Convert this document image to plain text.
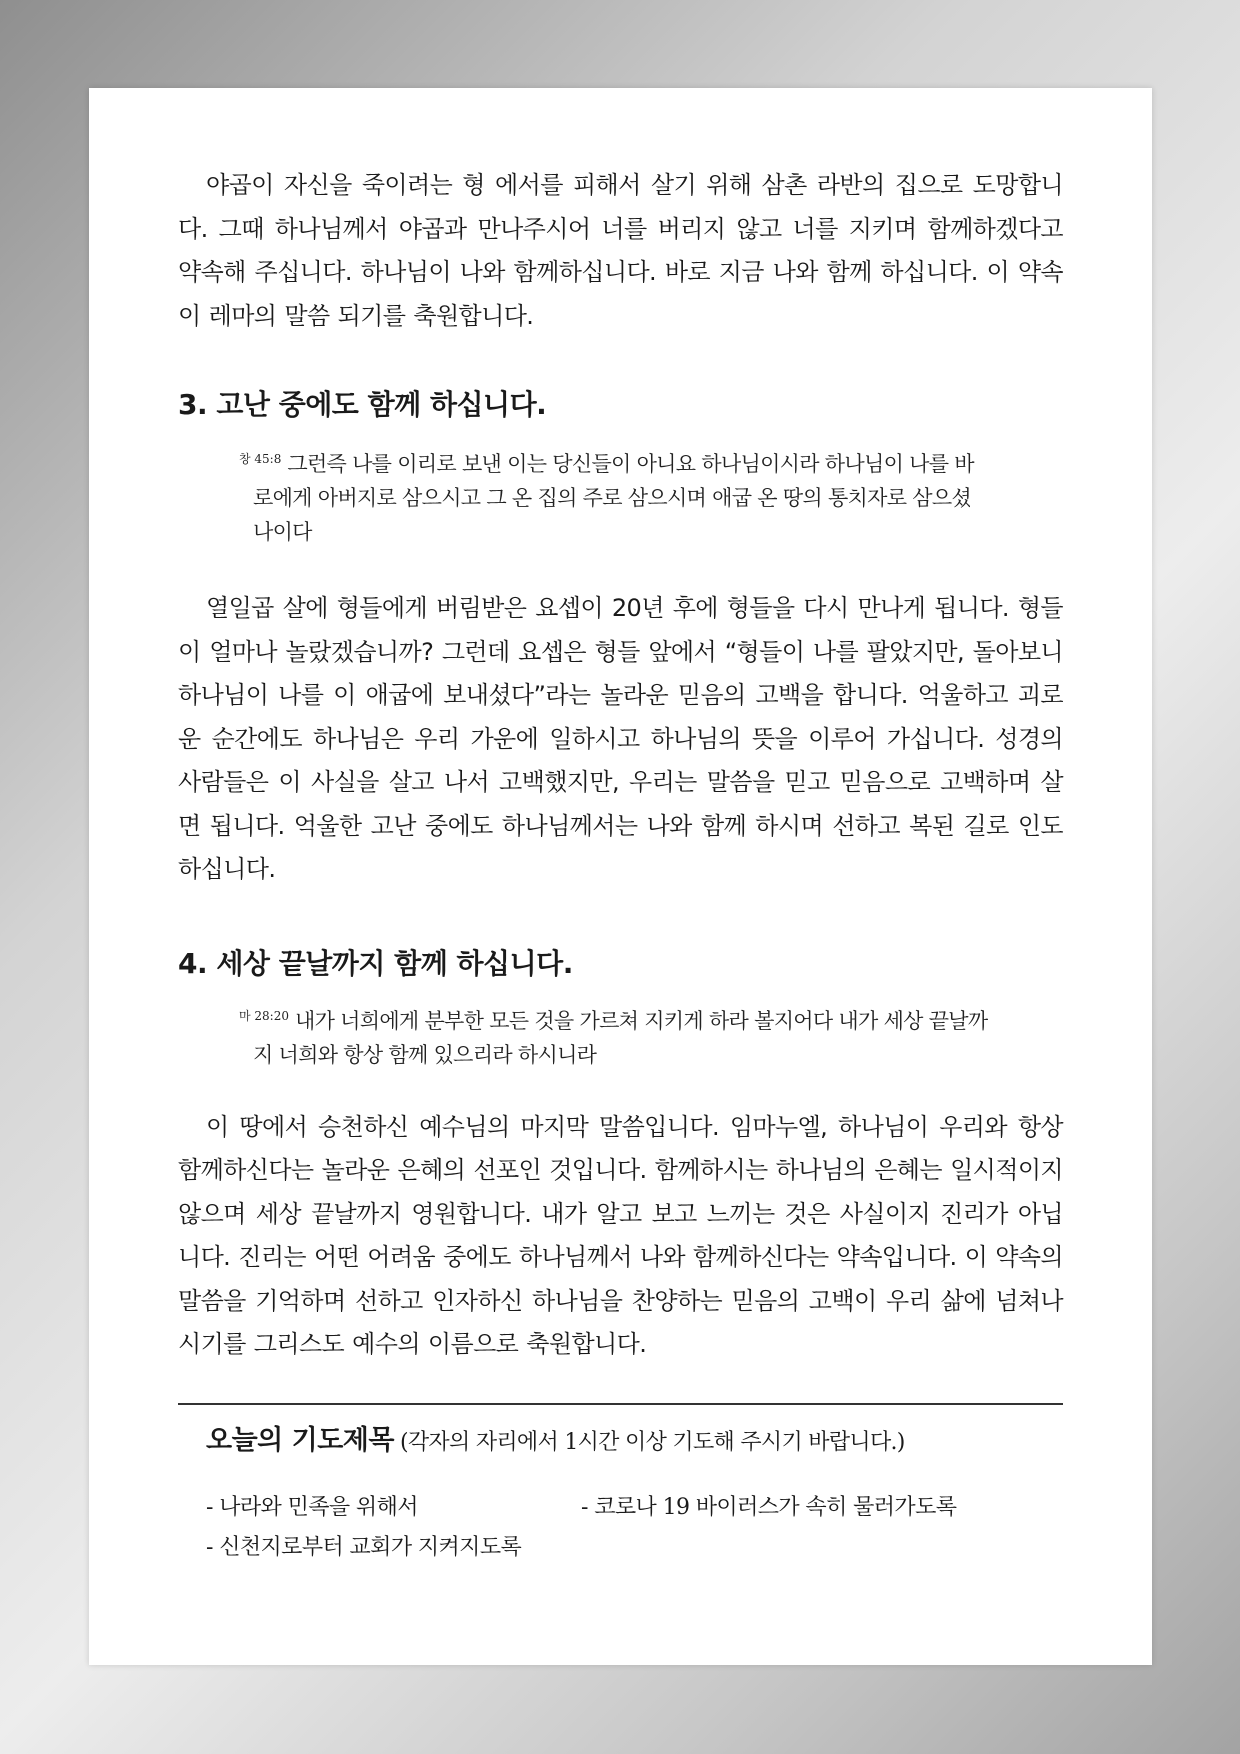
야곱이 자신을 죽이려는 형 에서를 피해서 살기 위해 삼촌 라반의 집으로 도망합니다. 그때 하나님께서 야곱과 만나주시어 너를 버리지 않고 너를 지키며 함께하겠다고 약속해 주십니다. 하나님이 나와 함께하십니다. 바로 지금 나와 함께 하십니다. 이 약속이 레마의 말씀 되기를 축원합니다.

3. 고난 중에도 함께 하십니다.

$^{창 45:8}$ 그런즉 나를 이리로 보낸 이는 당신들이 아니요 하나님이시라 하나님이 나를 바로에게 아버지로 삼으시고 그 온 집의 주로 삼으시며 애굽 온 땅의 통치자로 삼으셨나이다

열일곱 살에 형들에게 버림받은 요셉이 20년 후에 형들을 다시 만나게 됩니다. 형들이 얼마나 놀랐겠습니까? 그런데 요셉은 형들 앞에서 “형들이 나를 팔았지만, 돌아보니 하나님이 나를 이 애굽에 보내셨다”라는 놀라운 믿음의 고백을 합니다. 억울하고 괴로운 순간에도 하나님은 우리 가운에 일하시고 하나님의 뜻을 이루어 가십니다. 성경의 사람들은 이 사실을 살고 나서 고백했지만, 우리는 말씀을 믿고 믿음으로 고백하며 살면 됩니다. 억울한 고난 중에도 하나님께서는 나와 함께 하시며 선하고 복된 길로 인도하십니다.

4. 세상 끝날까지 함께 하십니다.

$^{마 28:20}$ 내가 너희에게 분부한 모든 것을 가르쳐 지키게 하라 볼지어다 내가 세상 끝날까지 너희와 항상 함께 있으리라 하시니라

이 땅에서 승천하신 예수님의 마지막 말씀입니다. 임마누엘, 하나님이 우리와 항상 함께하신다는 놀라운 은혜의 선포인 것입니다. 함께하시는 하나님의 은혜는 일시적이지 않으며 세상 끝날까지 영원합니다. 내가 알고 보고 느끼는 것은 사실이지 진리가 아닙니다. 진리는 어떤 어려움 중에도 하나님께서 나와 함께하신다는 약속입니다. 이 약속의 말씀을 기억하며 선하고 인자하신 하나님을 찬양하는 믿음의 고백이 우리 삶에 넘쳐나시기를 그리스도 예수의 이름으로 축원합니다.

오늘의 기도제목 (각자의 자리에서 1시간 이상 기도해 주시기 바랍니다.)
- 나라와 민족을 위해서	- 코로나 19 바이러스가 속히 물러가도록
- 신천지로부터 교회가 지켜지도록
